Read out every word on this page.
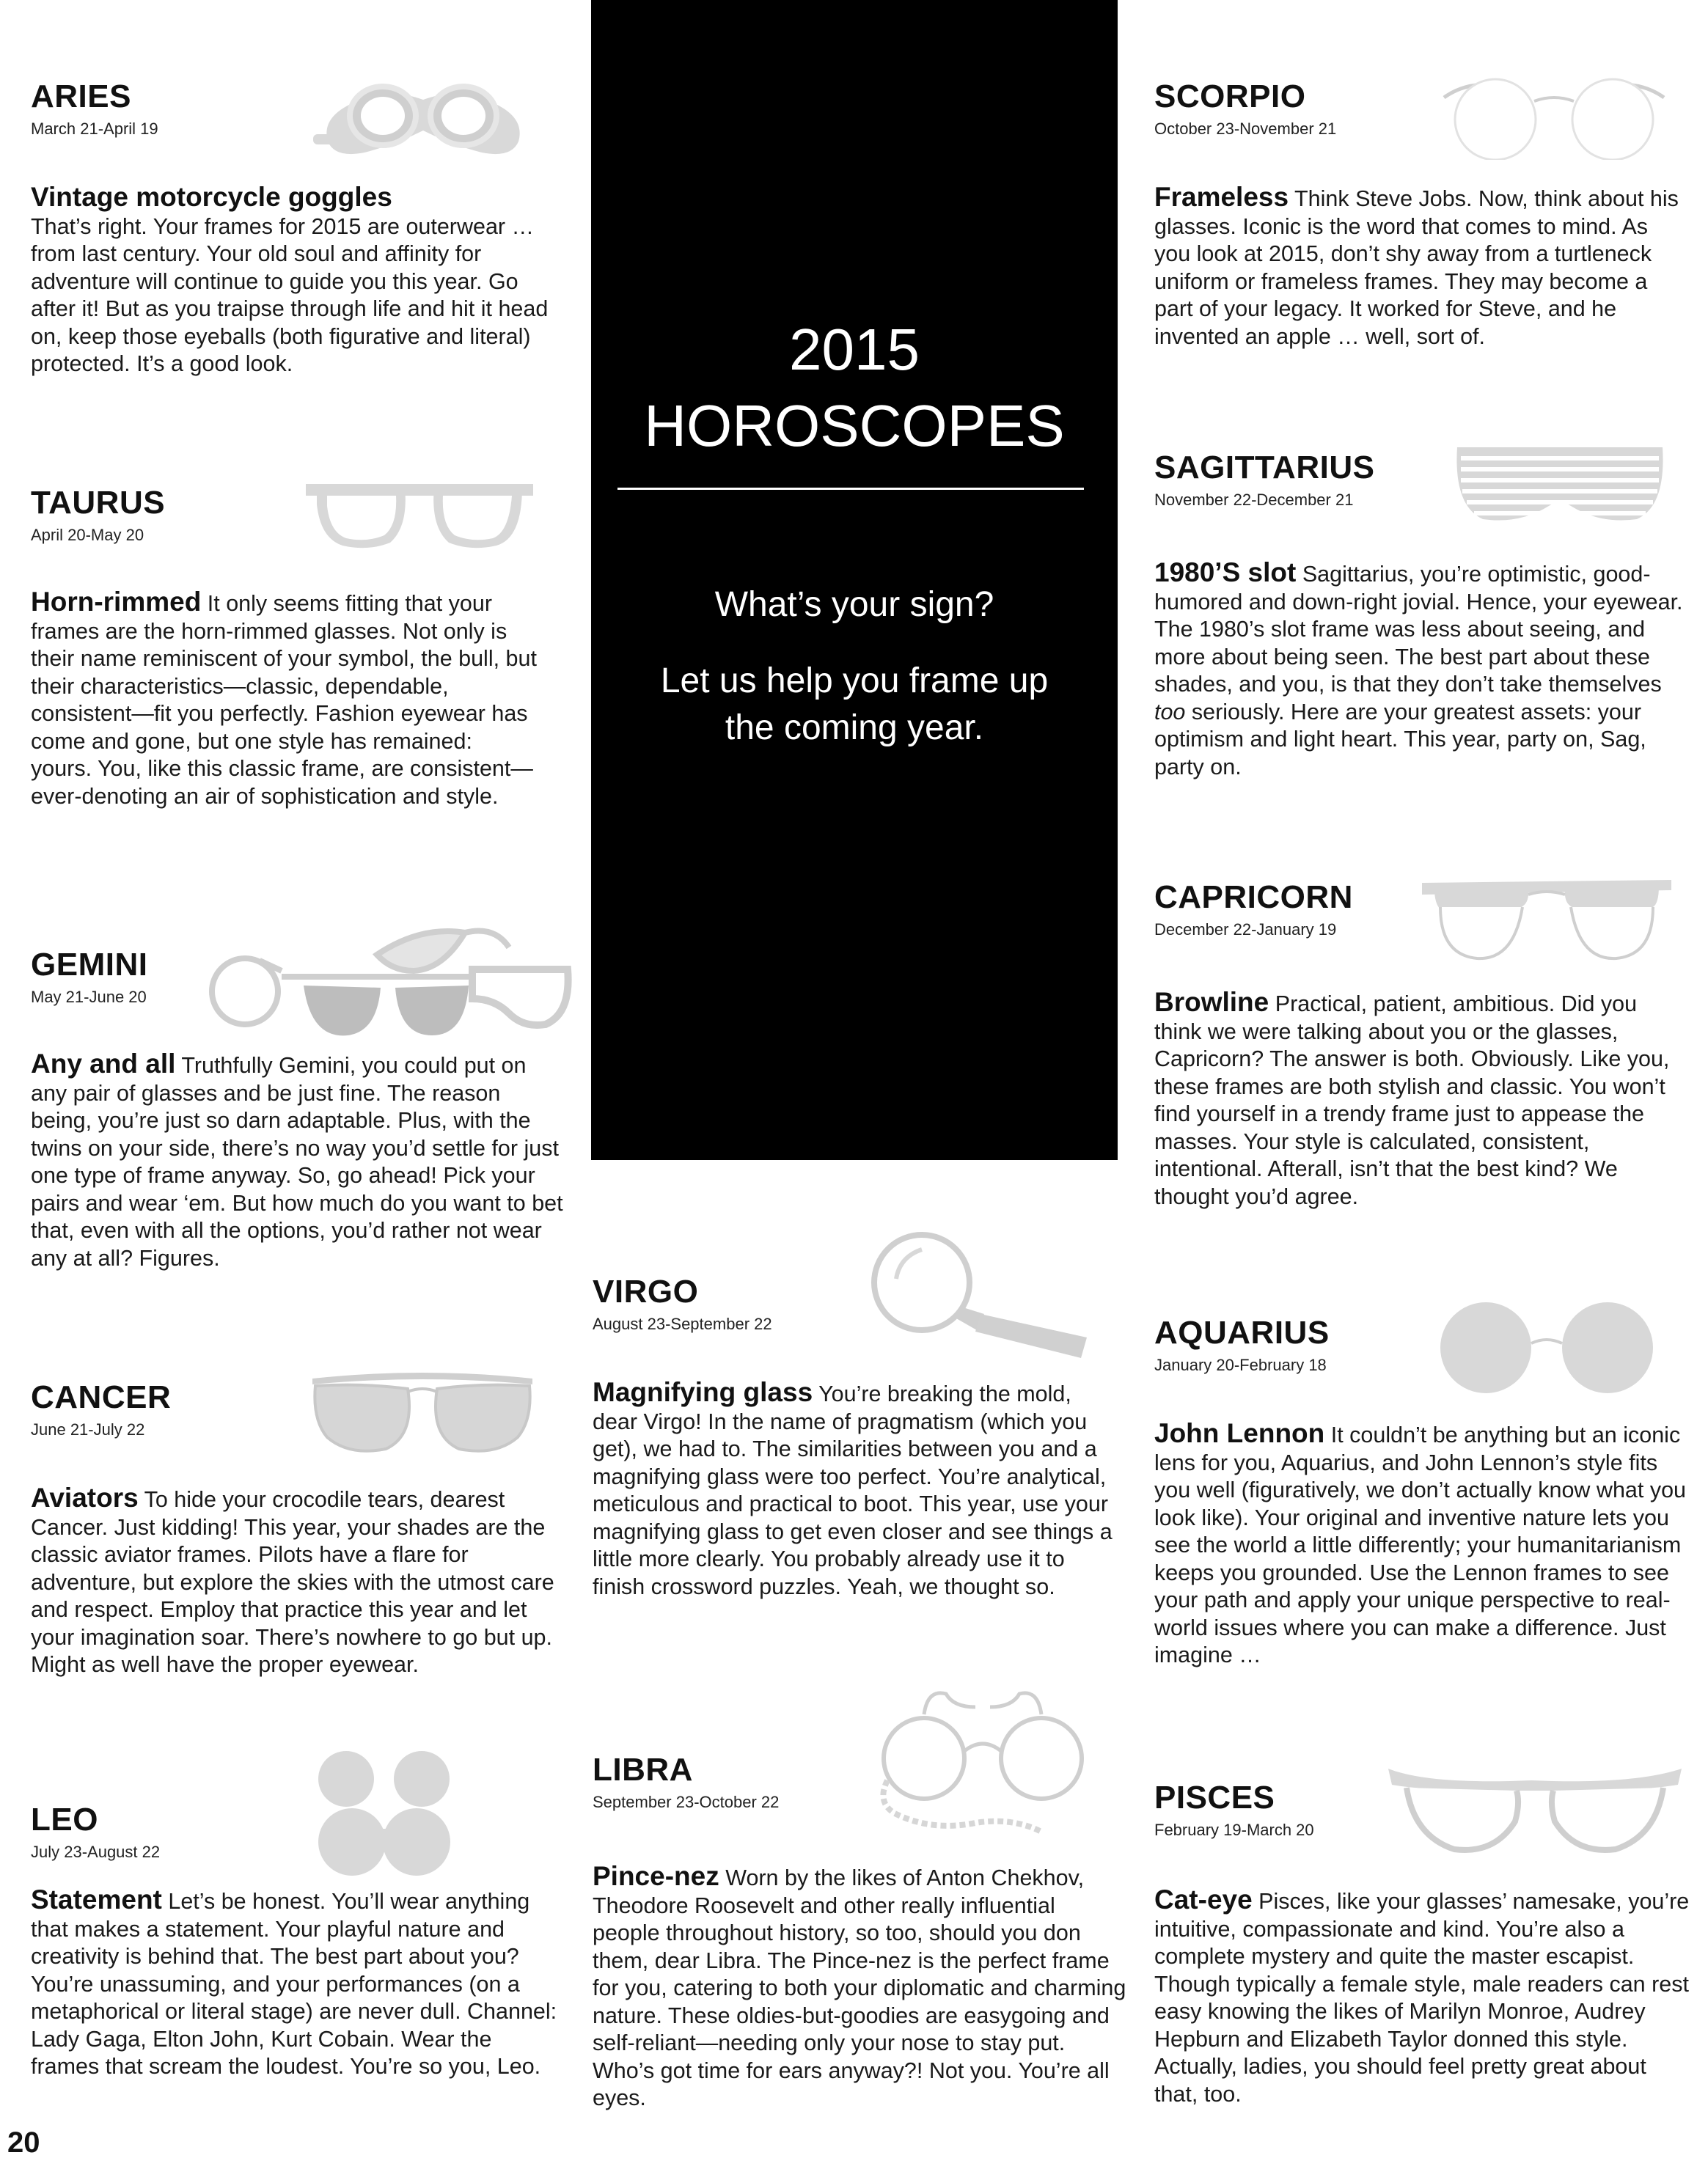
ARIES

March 21-April 19

Vintage motorcycle goggles
That’s right. Your frames for 2015 are outerwear … from last century. Your old soul and affinity for adventure will continue to guide you this year. Go after it! But as you traipse through life and hit it head on, keep those eyeballs (both figurative and literal) protected. It’s a good look.

TAURUS

April 20-May 20

Horn-rimmed It only seems fitting that your frames are the horn-rimmed glasses. Not only is their name reminiscent of your symbol, the bull, but their characteristics—classic, dependable, consistent—fit you perfectly. Fashion eyewear has come and gone, but one style has remained: yours. You, like this classic frame, are consistent—ever-denoting an air of sophistication and style.

GEMINI

May 21-June 20

Any and all Truthfully Gemini, you could put on any pair of glasses and be just fine. The reason being, you’re just so darn adaptable. Plus, with the twins on your side, there’s no way you’d settle for just one type of frame anyway. So, go ahead! Pick your pairs and wear ‘em. But how much do you want to bet that, even with all the options, you’d rather not wear any at all? Figures.

CANCER

June 21-July 22

Aviators To hide your crocodile tears, dearest Cancer. Just kidding! This year, your shades are the classic aviator frames. Pilots have a flare for adventure, but explore the skies with the utmost care and respect. Employ that practice this year and let your imagination soar. There’s nowhere to go but up. Might as well have the proper eyewear.

LEO

July 23-August 22

Statement Let’s be honest. You’ll wear anything that makes a statement. Your playful nature and creativity is behind that. The best part about you? You’re unassuming, and your performances (on a metaphorical or literal stage) are never dull. Channel: Lady Gaga, Elton John, Kurt Cobain. Wear the frames that scream the loudest. You’re so you, Leo.

2015
HOROSCOPES
What’s your sign?
Let us help you frame up the coming year.
VIRGO

August 23-September 22

Magnifying glass You’re breaking the mold, dear Virgo! In the name of pragmatism (which you get), we had to. The similarities between you and a magnifying glass were too perfect. You’re analytical, meticulous and practical to boot. This year, use your magnifying glass to get even closer and see things a little more clearly. You probably already use it to finish crossword puzzles. Yeah, we thought so.

LIBRA

September 23-October 22

Pince-nez Worn by the likes of Anton Chekhov, Theodore Roosevelt and other really influential people throughout history, so too, should you don them, dear Libra. The Pince-nez is the perfect frame for you, catering to both your diplomatic and charming nature. These oldies-but-goodies are easygoing and self-reliant—needing only your nose to stay put. Who’s got time for ears anyway?! Not you. You’re all eyes.

SCORPIO

October 23-November 21

Frameless Think Steve Jobs. Now, think about his glasses. Iconic is the word that comes to mind. As you look at 2015, don’t shy away from a turtleneck uniform or frameless frames. They may become a part of your legacy. It worked for Steve, and he invented an apple … well, sort of.

SAGITTARIUS

November 22-December 21

1980’S slot Sagittarius, you’re optimistic, good-humored and down-right jovial. Hence, your eyewear. The 1980’s slot frame was less about seeing, and more about being seen. The best part about these shades, and you, is that they don’t take themselves too seriously. Here are your greatest assets: your optimism and light heart. This year, party on, Sag, party on.

CAPRICORN

December 22-January 19

Browline Practical, patient, ambitious. Did you think we were talking about you or the glasses, Capricorn? The answer is both. Obviously. Like you, these frames are both stylish and classic. You won’t find yourself in a trendy frame just to appease the masses. Your style is calculated, consistent, intentional. Afterall, isn’t that the best kind? We thought you’d agree.

AQUARIUS

January 20-February 18

John Lennon It couldn’t be anything but an iconic lens for you, Aquarius, and John Lennon’s style fits you well (figuratively, we don’t actually know what you look like). Your original and inventive nature lets you see the world a little differently; your humanitarianism keeps you grounded. Use the Lennon frames to see your path and apply your unique perspective to real-world issues where you can make a difference. Just imagine …

PISCES

February 19-March 20

Cat-eye Pisces, like your glasses’ namesake, you’re intuitive, compassionate and kind. You’re also a complete mystery and quite the master escapist. Though typically a female style, male readers can rest easy knowing the likes of Marilyn Monroe, Audrey Hepburn and Elizabeth Taylor donned this style. Actually, ladies, you should feel pretty great about that, too.

20
